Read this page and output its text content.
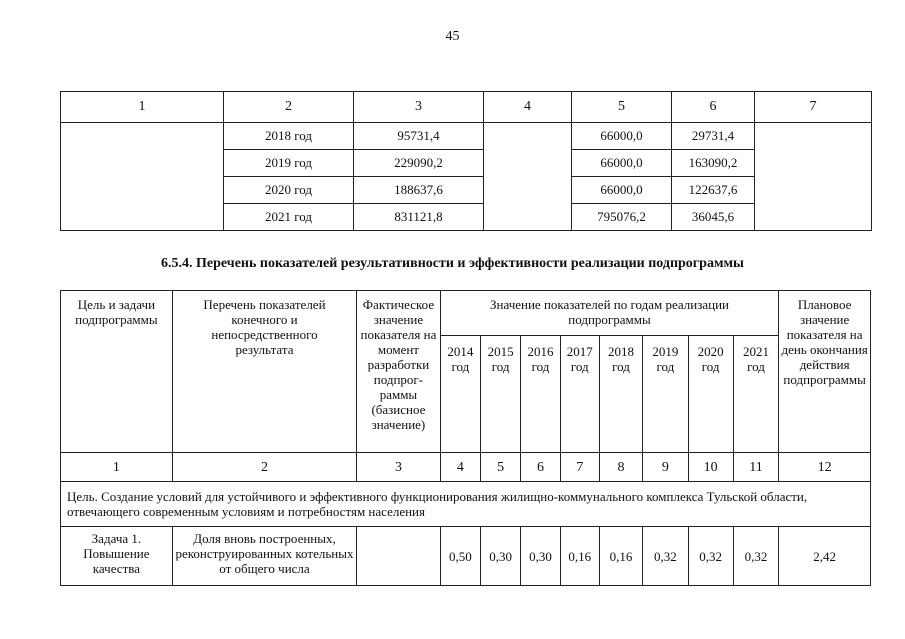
45
1	2	3	4	5	6	7
	2018 год	95731,4		66000,0	29731,4	
	2019 год	229090,2		66000,0	163090,2	
	2020 год	188637,6		66000,0	122637,6	
	2021 год	831121,8		795076,2	36045,6	
6.5.4. Перечень показателей результативности и эффективности реализации подпрограммы
Цель и задачи подпрограммы	Перечень показателей конечного и непосредственного результата	Фактическое значение показателя на момент разработки подпрог-раммы (базисное значение)	Значение показателей по годам реализации подпрограммы								Плановое значение показателя на день окончания действия подпрограммы
			2014 год	2015 год	2016 год	2017 год	2018 год	2019 год	2020 год	2021 год	
1	2	3	4	5	6	7	8	9	10	11	12
Цель. Создание условий для устойчивого и эффективного функционирования жилищно-коммунального комплекса Тульской области, отвечающего современным условиям и потребностям населения											
Задача 1. Повышение качества	Доля вновь построенных, реконструированных котельных от общего числа		0,50	0,30	0,30	0,16	0,16	0,32	0,32	0,32	2,42
